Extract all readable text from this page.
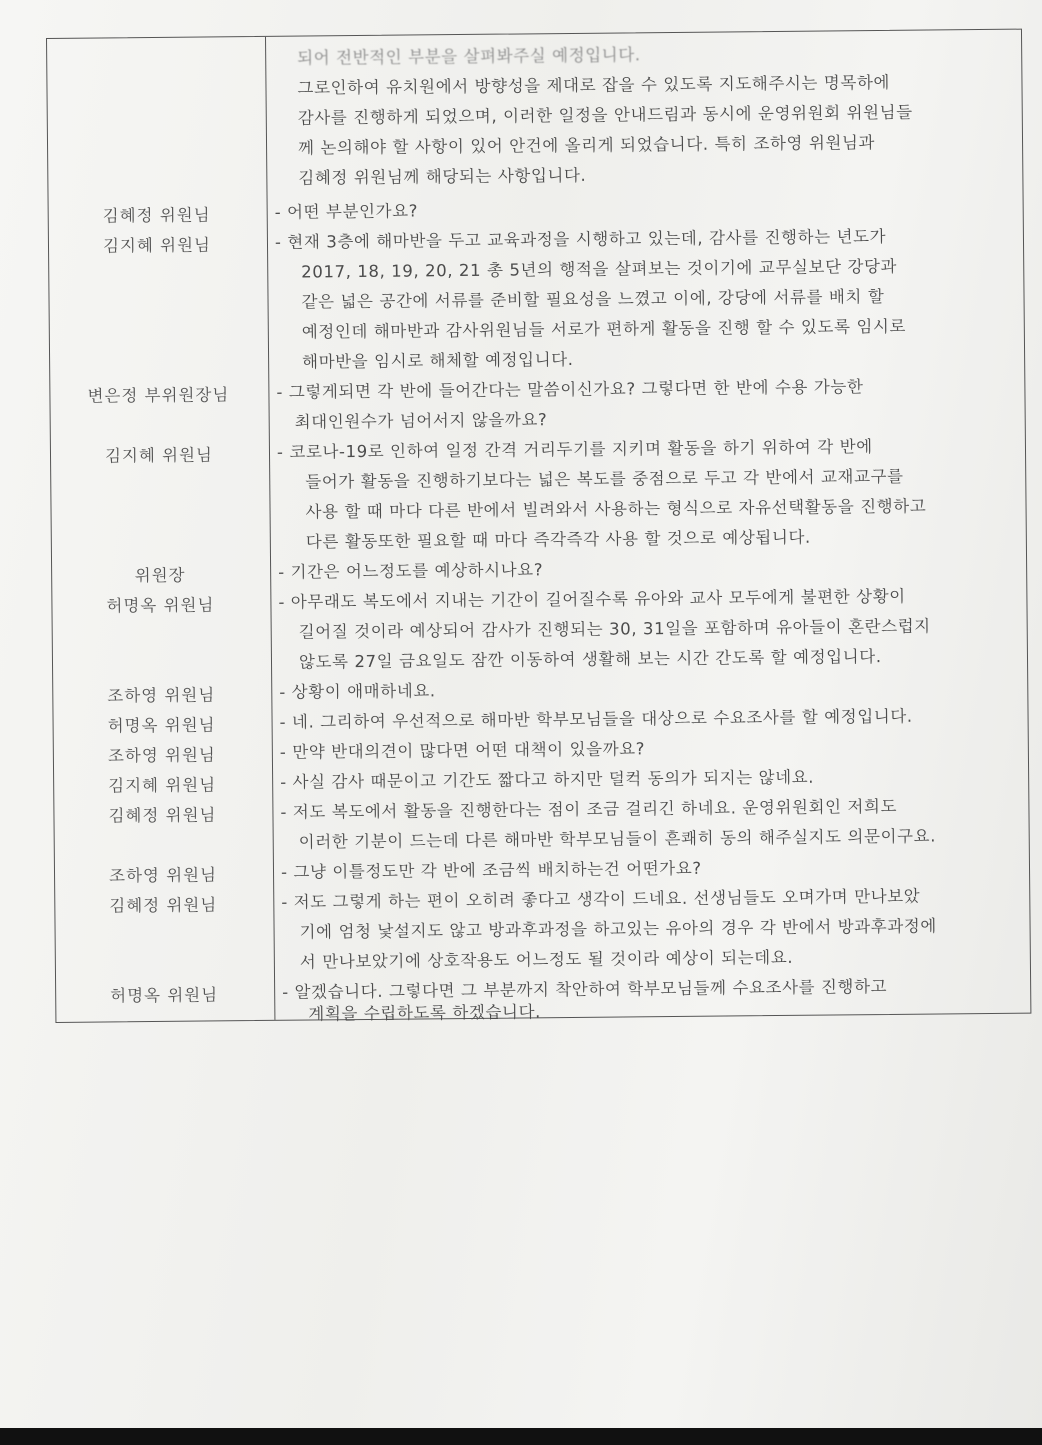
되어 전반적인 부분을 살펴봐주실 예정입니다.
그로인하여 유치원에서 방향성을 제대로 잡을 수 있도록 지도해주시는 명목하에
감사를 진행하게 되었으며, 이러한 일정을 안내드림과 동시에 운영위원회 위원님들
께 논의해야 할 사항이 있어 안건에 올리게 되었습니다. 특히 조하영 위원님과
김혜정 위원님께 해당되는 사항입니다.
김혜정 위원님	- 어떤 부분인가요?
김지혜 위원님	- 현재 3층에 해마반을 두고 교육과정을 시행하고 있는데, 감사를 진행하는 년도가
2017, 18, 19, 20, 21 총 5년의 행적을 살펴보는 것이기에 교무실보단 강당과
같은 넓은 공간에 서류를 준비할 필요성을 느꼈고 이에, 강당에 서류를 배치 할
예정인데 해마반과 감사위원님들 서로가 편하게 활동을 진행 할 수 있도록 임시로
해마반을 임시로 해체할 예정입니다.
변은정 부위원장님	- 그렇게되면 각 반에 들어간다는 말씀이신가요? 그렇다면 한 반에 수용 가능한
최대인원수가 넘어서지 않을까요?
김지혜 위원님	- 코로나-19로 인하여 일정 간격 거리두기를 지키며 활동을 하기 위하여 각 반에
들어가 활동을 진행하기보다는 넓은 복도를 중점으로 두고 각 반에서 교재교구를
사용 할 때 마다 다른 반에서 빌려와서 사용하는 형식으로 자유선택활동을 진행하고
다른 활동또한 필요할 때 마다 즉각즉각 사용 할 것으로 예상됩니다.
위원장	- 기간은 어느정도를 예상하시나요?
허명옥 위원님	- 아무래도 복도에서 지내는 기간이 길어질수록 유아와 교사 모두에게 불편한 상황이
길어질 것이라 예상되어 감사가 진행되는 30, 31일을 포함하며 유아들이 혼란스럽지
않도록 27일 금요일도 잠깐 이동하여 생활해 보는 시간 간도록 할 예정입니다.
조하영 위원님	- 상황이 애매하네요.
허명옥 위원님	- 네. 그리하여 우선적으로 해마반 학부모님들을 대상으로 수요조사를 할 예정입니다.
조하영 위원님	- 만약 반대의견이 많다면 어떤 대책이 있을까요?
김지혜 위원님	- 사실 감사 때문이고 기간도 짧다고 하지만 덜컥 동의가 되지는 않네요.
김혜정 위원님	- 저도 복도에서 활동을 진행한다는 점이 조금 걸리긴 하네요. 운영위원회인 저희도
이러한 기분이 드는데 다른 해마반 학부모님들이 흔쾌히 동의 해주실지도 의문이구요.
조하영 위원님	- 그냥 이틀정도만 각 반에 조금씩 배치하는건 어떤가요?
김혜정 위원님	- 저도 그렇게 하는 편이 오히려 좋다고 생각이 드네요. 선생님들도 오며가며 만나보았
기에 엄청 낯설지도 않고 방과후과정을 하고있는 유아의 경우 각 반에서 방과후과정에
서 만나보았기에 상호작용도 어느정도 될 것이라 예상이 되는데요.
허명옥 위원님	- 알겠습니다. 그렇다면 그 부분까지 착안하여 학부모님들께 수요조사를 진행하고
계획을 수립하도록 하겠습니다.
